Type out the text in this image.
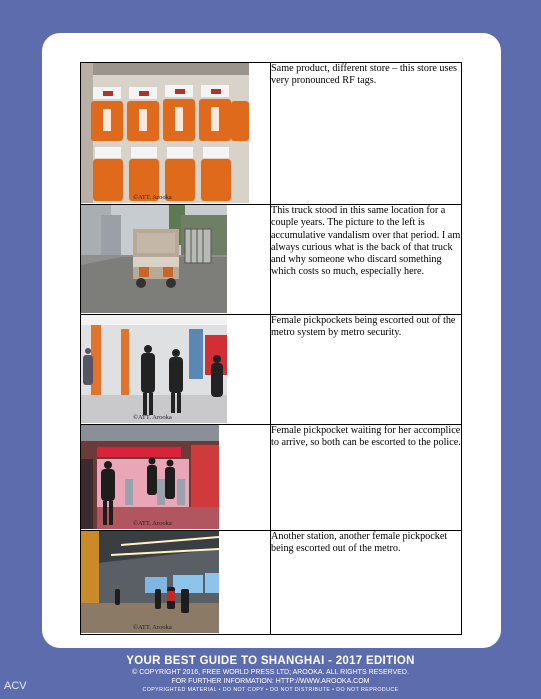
©ATT. Arooka	Same product, different store – this store uses very pronounced RF tags.

	This truck stood in this same location for a couple years. The picture to the left is accumulative vandalism over that period. I am always curious what is the back of that truck and why someone who discard something which costs so much, especially here.

©ATT. Arooka	Female pickpockets being escorted out of the metro system by metro security.

©ATT. Arooka	Female pickpocket waiting for her accomplice to arrive, so both can be escorted to the police.

©ATT. Arooka	Another station, another female pickpocket being escorted out of the metro.
YOUR BEST GUIDE TO SHANGHAI - 2017 EDITION
© COPYRIGHT 2016, FREE WORLD PRESS LTD; AROOKA. ALL RIGHTS RESERVED.
FOR FURTHER INFORMATION: HTTP://WWW.AROOKA.COM
COPYRIGHTED MATERIAL • DO NOT COPY • DO NOT DISTRIBUTE • DO NOT REPRODUCE
ACV
